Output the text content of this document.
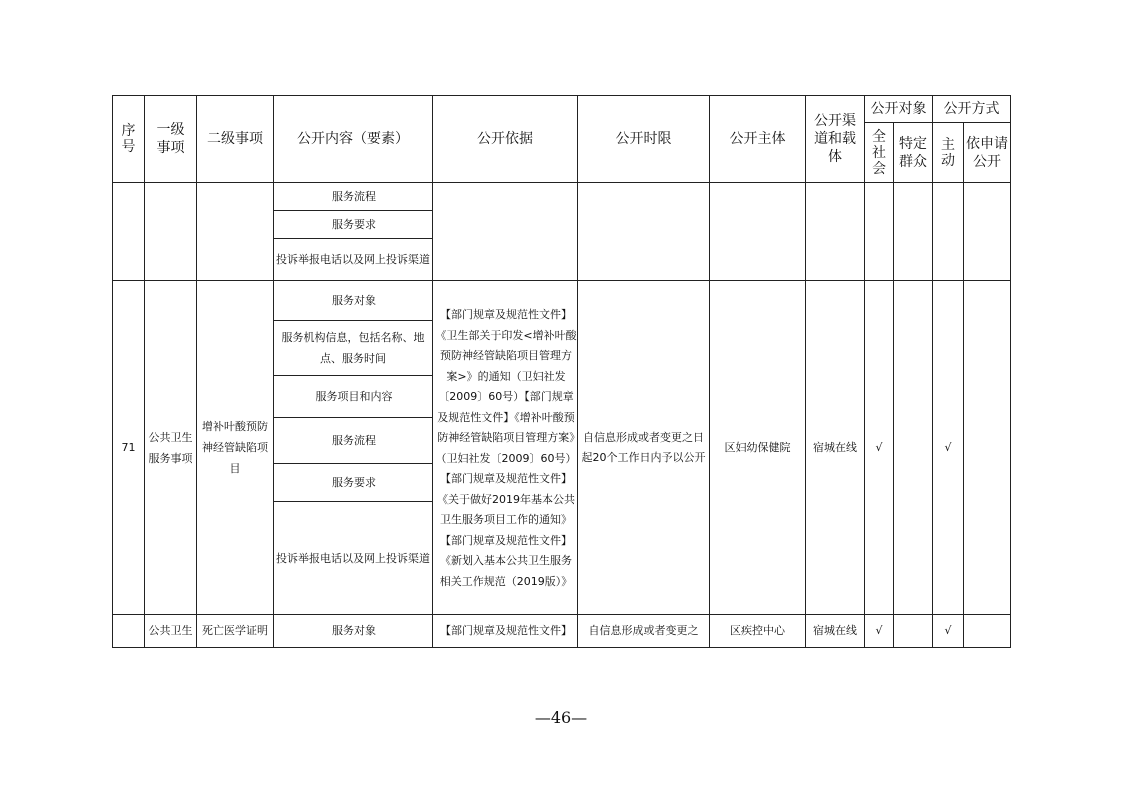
序号	一级事项	二级事项	公开内容（要素）	公开依据	公开时限	公开主体	公开渠道和载体	公开对象		公开方式	

								全社会	特定群众	主动	依申请公开

			服务流程								
			服务要求								
			投诉举报电话以及网上投诉渠道								
71	公共卫生服务事项	增补叶酸预防神经管缺陷项目	服务对象	【部门规章及规范性文件】《卫生部关于印发<增补叶酸预防神经管缺陷项目管理方案>》的通知（卫妇社发〔2009〕60号）【部门规章及规范性文件】《增补叶酸预防神经管缺陷项目管理方案》（卫妇社发〔2009〕60号）【部门规章及规范性文件】《关于做好2019年基本公共卫生服务项目工作的通知》【部门规章及规范性文件】《新划入基本公共卫生服务相关工作规范（2019版）》	自信息形成或者变更之日起20个工作日内予以公开	区妇幼保健院	宿城在线	√		√	
			服务机构信息，包括名称、地点、服务时间								
			服务项目和内容								
			服务流程								
			服务要求								
			投诉举报电话以及网上投诉渠道								
	公共卫生	死亡医学证明	服务对象	【部门规章及规范性文件】	自信息形成或者变更之	区疾控中心	宿城在线	√		√	
—46—
